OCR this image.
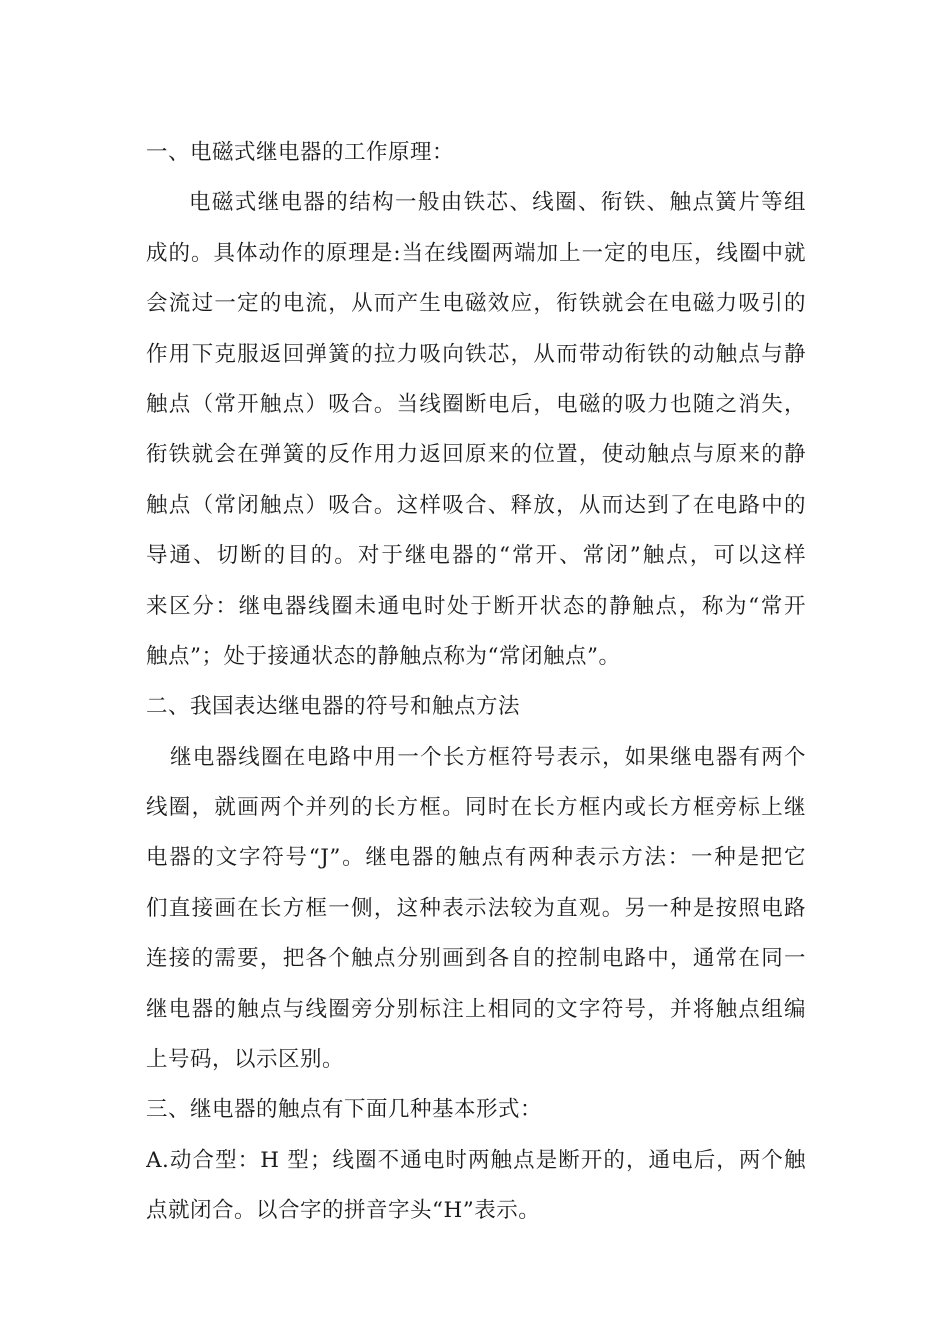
一、电磁式继电器的工作原理：
电磁式继电器的结构一般由铁芯、线圈、衔铁、触点簧片等组
成的。具体动作的原理是:当在线圈两端加上一定的电压，线圈中就
会流过一定的电流，从而产生电磁效应，衔铁就会在电磁力吸引的
作用下克服返回弹簧的拉力吸向铁芯，从而带动衔铁的动触点与静
触点（常开触点）吸合。当线圈断电后，电磁的吸力也随之消失，
衔铁就会在弹簧的反作用力返回原来的位置，使动触点与原来的静
触点（常闭触点）吸合。这样吸合、释放，从而达到了在电路中的
导通、切断的目的。对于继电器的“常开、常闭”触点，可以这样
来区分：继电器线圈未通电时处于断开状态的静触点，称为“常开
触点”；处于接通状态的静触点称为“常闭触点”。
二、我国表达继电器的符号和触点方法
继电器线圈在电路中用一个长方框符号表示，如果继电器有两个
线圈，就画两个并列的长方框。同时在长方框内或长方框旁标上继
电器的文字符号“J”。继电器的触点有两种表示方法：一种是把它
们直接画在长方框一侧，这种表示法较为直观。另一种是按照电路
连接的需要，把各个触点分别画到各自的控制电路中，通常在同一
继电器的触点与线圈旁分别标注上相同的文字符号，并将触点组编
上号码，以示区别。
三、继电器的触点有下面几种基本形式：
A.动合型：H 型；线圈不通电时两触点是断开的，通电后，两个触
点就闭合。以合字的拼音字头“H”表示。
